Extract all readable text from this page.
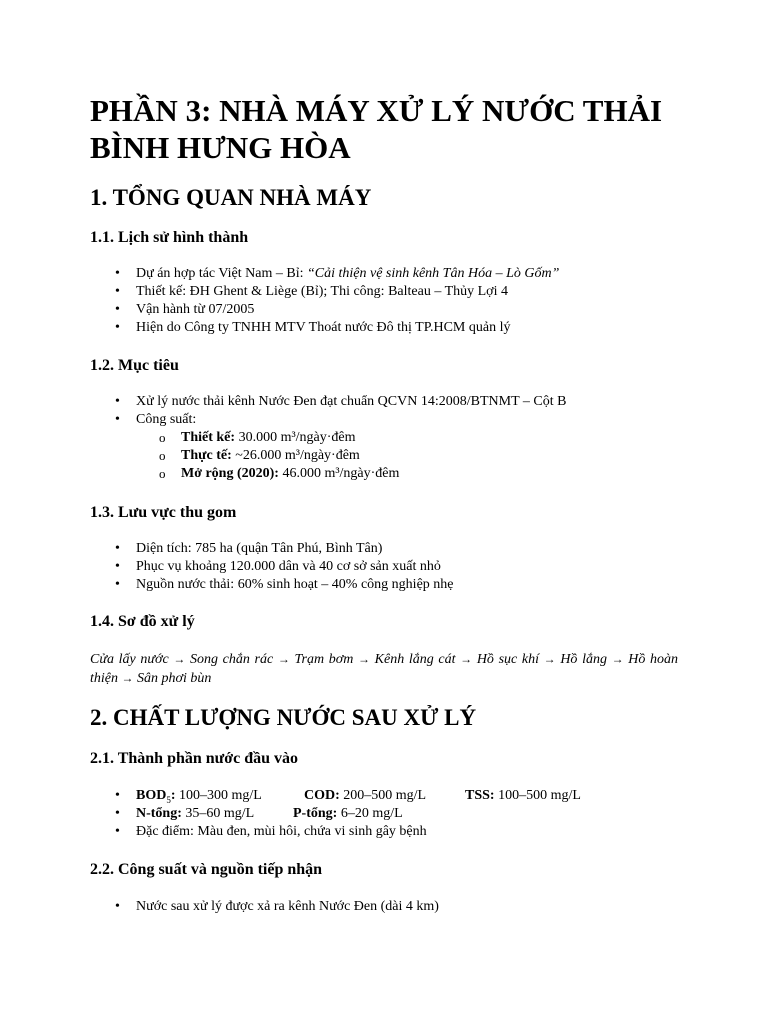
PHẦN 3: NHÀ MÁY XỬ LÝ NƯỚC THẢI BÌNH HƯNG HÒA
1. TỔNG QUAN NHÀ MÁY
1.1. Lịch sử hình thành
• Dự án hợp tác Việt Nam – Bỉ: “Cải thiện vệ sinh kênh Tân Hóa – Lò Gốm”
• Thiết kế: ĐH Ghent & Liège (Bỉ); Thi công: Balteau – Thủy Lợi 4
• Vận hành từ 07/2005
• Hiện do Công ty TNHH MTV Thoát nước Đô thị TP.HCM quản lý
1.2. Mục tiêu
• Xử lý nước thải kênh Nước Đen đạt chuẩn QCVN 14:2008/BTNMT – Cột B
• Công suất:
o Thiết kế: 30.000 m³/ngày·đêm
o Thực tế: ~26.000 m³/ngày·đêm
o Mở rộng (2020): 46.000 m³/ngày·đêm
1.3. Lưu vực thu gom
• Diện tích: 785 ha (quận Tân Phú, Bình Tân)
• Phục vụ khoảng 120.000 dân và 40 cơ sở sản xuất nhỏ
• Nguồn nước thải: 60% sinh hoạt – 40% công nghiệp nhẹ
1.4. Sơ đồ xử lý

Cửa lấy nước → Song chắn rác → Trạm bơm → Kênh lắng cát → Hồ sục khí → Hồ lắng → Hồ hoàn thiện → Sân phơi bùn

2. CHẤT LƯỢNG NƯỚC SAU XỬ LÝ
2.1. Thành phần nước đầu vào
• $BOD_5$: 100–300 mg/L	COD: 200–500 mg/L	TSS: 100–500 mg/L
• N-tổng: 35–60 mg/L	P-tổng: 6–20 mg/L
• Đặc điểm: Màu đen, mùi hôi, chứa vi sinh gây bệnh
2.2. Công suất và nguồn tiếp nhận
• Nước sau xử lý được xả ra kênh Nước Đen (dài 4 km)
